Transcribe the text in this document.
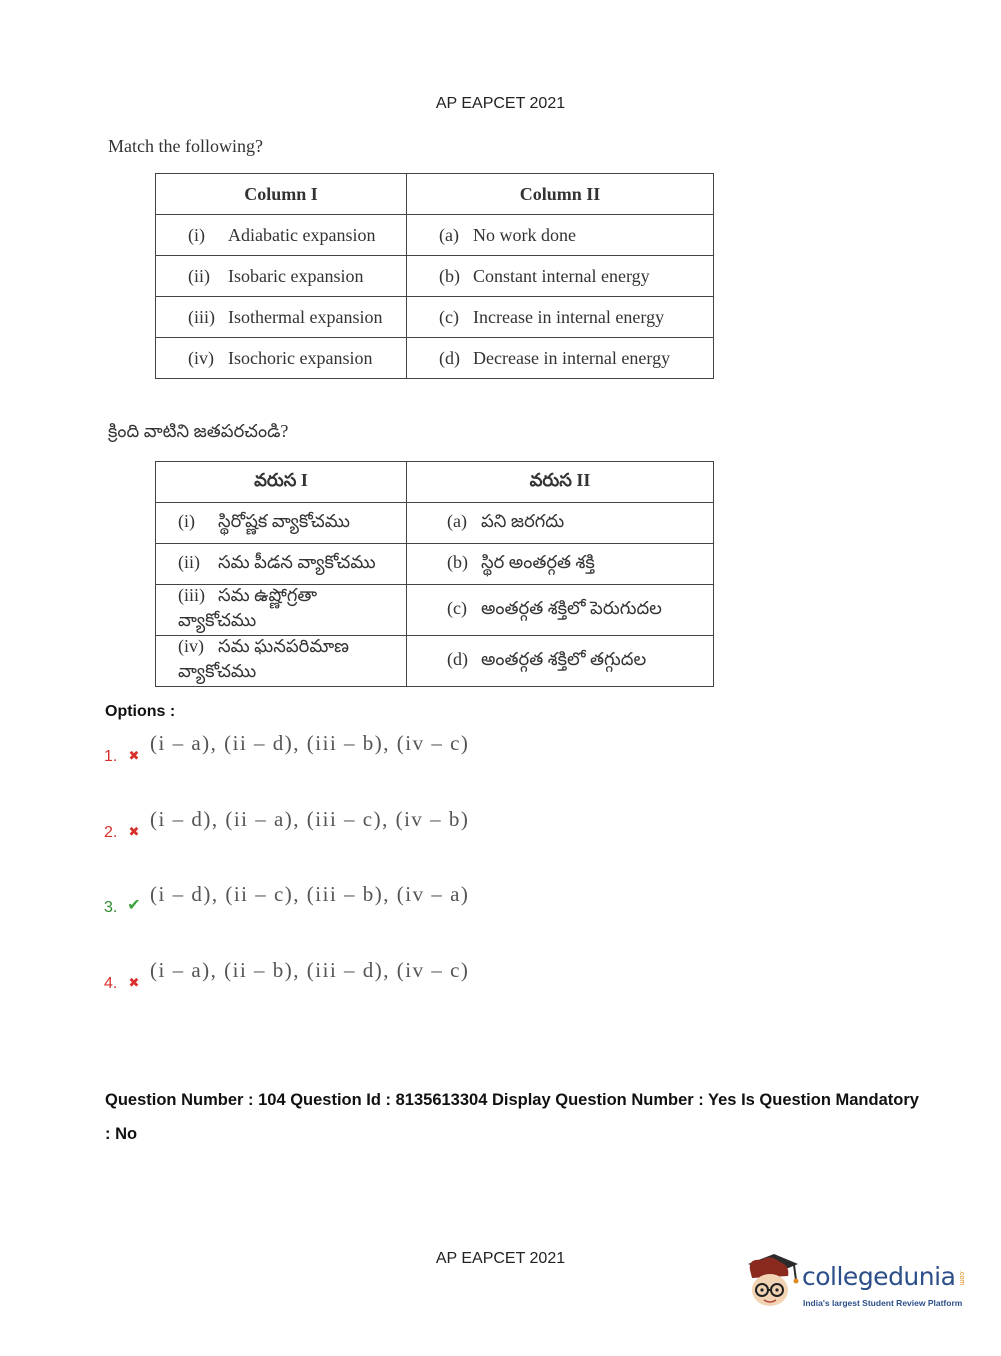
AP EAPCET 2021
Match the following?
Column I	Column II
(i) Adiabatic expansion	(a) No work done
(ii) Isobaric expansion	(b) Constant internal energy
(iii) Isothermal expansion	(c) Increase in internal energy
(iv) Isochoric expansion	(d) Decrease in internal energy
క్రింది వాటిని జతపరచండి?
వరుస I	వరుస II
(i) స్థిరోష్ణక వ్యాకోచము	(a) పని జరగదు
(ii) సమ పీడన వ్యాకోచము	(b) స్థిర అంతర్గత శక్తి
(iii) సమ ఉష్ణోగ్రతా వ్యాకోచము	(c) అంతర్గత శక్తిలో పెరుగుదల
(iv) సమ ఘనపరిమాణ వ్యాకోచము	(d) అంతర్గత శక్తిలో తగ్గుదల
Options :
1. ✖
(i – a), (ii – d), (iii – b), (iv – c)
2. ✖
(i – d), (ii – a), (iii – c), (iv – b)
3. ✔ (i – d), (ii – c), (iii – b), (iv – a)
4. ✖
(i – a), (ii – b), (iii – d), (iv – c)
Question Number : 104 Question Id : 8135613304 Display Question Number : Yes Is Question Mandatory : No
AP EAPCET 2021
collegedunia .com
India's largest Student Review Platform
